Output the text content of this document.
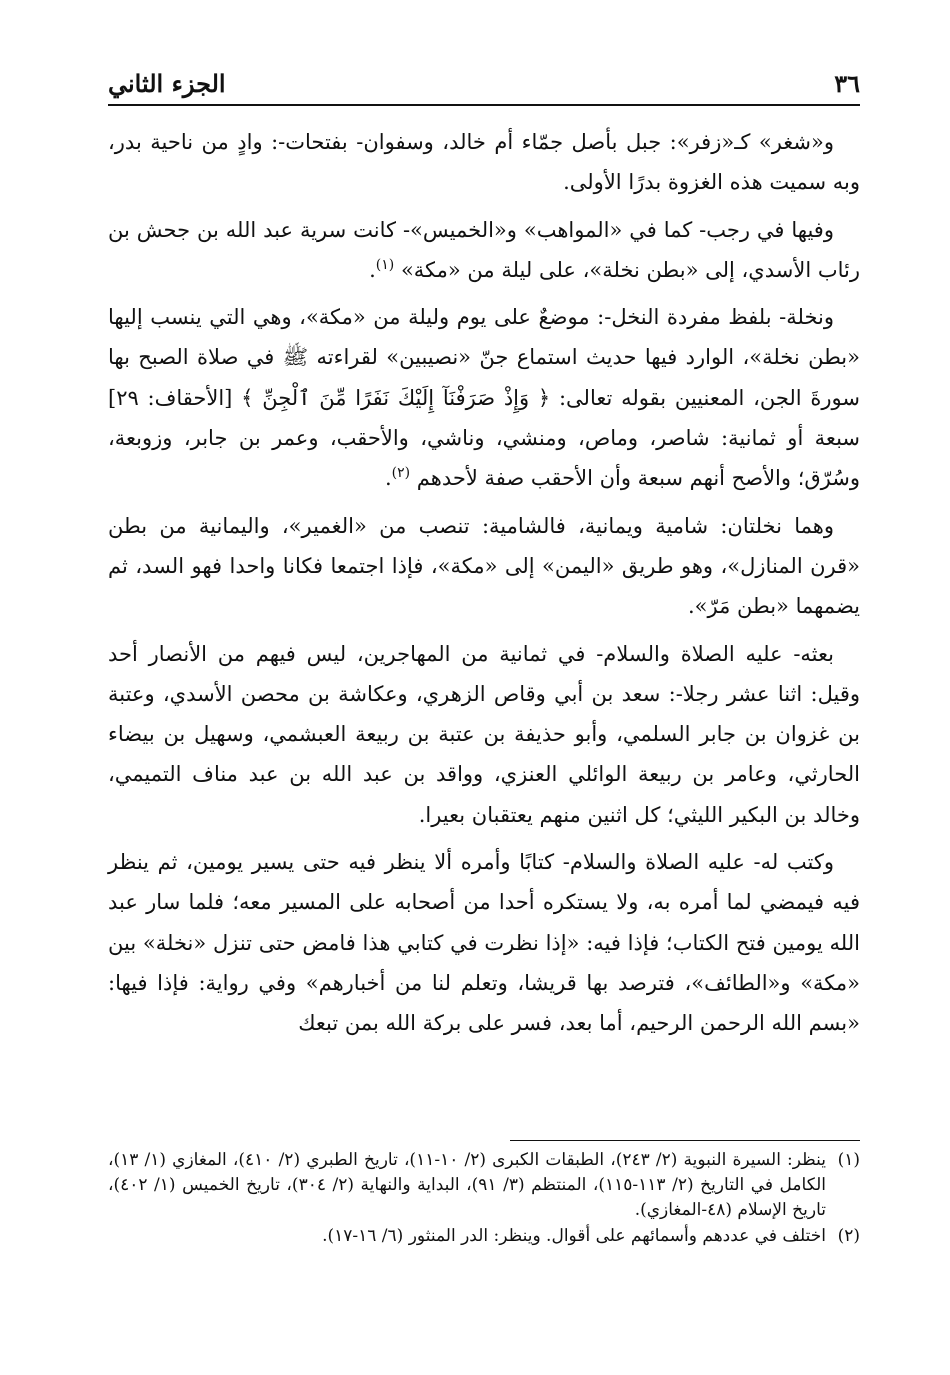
٣٦
الجزء الثاني

و«شغر» كـ«زفر»: جبل بأصل جمّاء أم خالد، وسفوان- بفتحات-: وادٍ من ناحية بدر، وبه سميت هذه الغزوة بدرًا الأولى.

وفيها في رجب- كما في «المواهب» و«الخميس»- كانت سرية عبد الله بن جحش بن رئاب الأسدي، إلى «بطن نخلة»، على ليلة من «مكة» $^{(١)}$.

ونخلة- بلفظ مفردة النخل-: موضعٌ على يوم وليلة من «مكة»، وهي التي ينسب إليها «بطن نخلة»، الوارد فيها حديث استماع جنّ «نصيبين» لقراءته ﷺ في صلاة الصبح بها سورةَ الجن، المعنيين بقوله تعالى: ﴿ وَإِذْ صَرَفْنَآ إِلَيْكَ نَفَرًا مِّنَ ٱلْجِنِّ ﴾ [الأحقاف: ٢٩] سبعة أو ثمانية: شاصر، وماص، ومنشي، وناشي، والأحقب، وعمر بن جابر، وزوبعة، وسُرّق؛ والأصح أنهم سبعة وأن الأحقب صفة لأحدهم $^{(٢)}$.

وهما نخلتان: شامية ويمانية، فالشامية: تنصب من «الغمير»، واليمانية من بطن «قرن المنازل»، وهو طريق «اليمن» إلى «مكة»، فإذا اجتمعا فكانا واحدا فهو السد، ثم يضمهما «بطن مَرّ».

بعثه- عليه الصلاة والسلام- في ثمانية من المهاجرين، ليس فيهم من الأنصار أحد وقيل: اثنا عشر رجلا-: سعد بن أبي وقاص الزهري، وعكاشة بن محصن الأسدي، وعتبة بن غزوان بن جابر السلمي، وأبو حذيفة بن عتبة بن ربيعة العبشمي، وسهيل بن بيضاء الحارثي، وعامر بن ربيعة الوائلي العنزي، وواقد بن عبد الله بن عبد مناف التميمي، وخالد بن البكير الليثي؛ كل اثنين منهم يعتقبان بعيرا.

وكتب له- عليه الصلاة والسلام- كتابًا وأمره ألا ينظر فيه حتى يسير يومين، ثم ينظر فيه فيمضي لما أمره به، ولا يستكره أحدا من أصحابه على المسير معه؛ فلما سار عبد الله يومين فتح الكتاب؛ فإذا فيه: «إذا نظرت في كتابي هذا فامض حتى تنزل «نخلة» بين «مكة» و«الطائف»، فترصد بها قريشا، وتعلم لنا من أخبارهم» وفي رواية: فإذا فيها: «بسم الله الرحمن الرحيم، أما بعد، فسر على بركة الله بمن تبعك

(١)ينظر: السيرة النبوية (٢/ ٢٤٣)، الطبقات الكبرى (٢/ ١٠-١١)، تاريخ الطبري (٢/ ٤١٠)، المغازي (١/ ١٣)، الكامل في التاريخ (٢/ ١١٣-١١٥)، المنتظم (٣/ ٩١)، البداية والنهاية (٢/ ٣٠٤)، تاريخ الخميس (١/ ٤٠٢)، تاريخ الإسلام (٤٨-المغازي).
(٢)اختلف في عددهم وأسمائهم على أقوال. وينظر: الدر المنثور (٦/ ١٦-١٧).
